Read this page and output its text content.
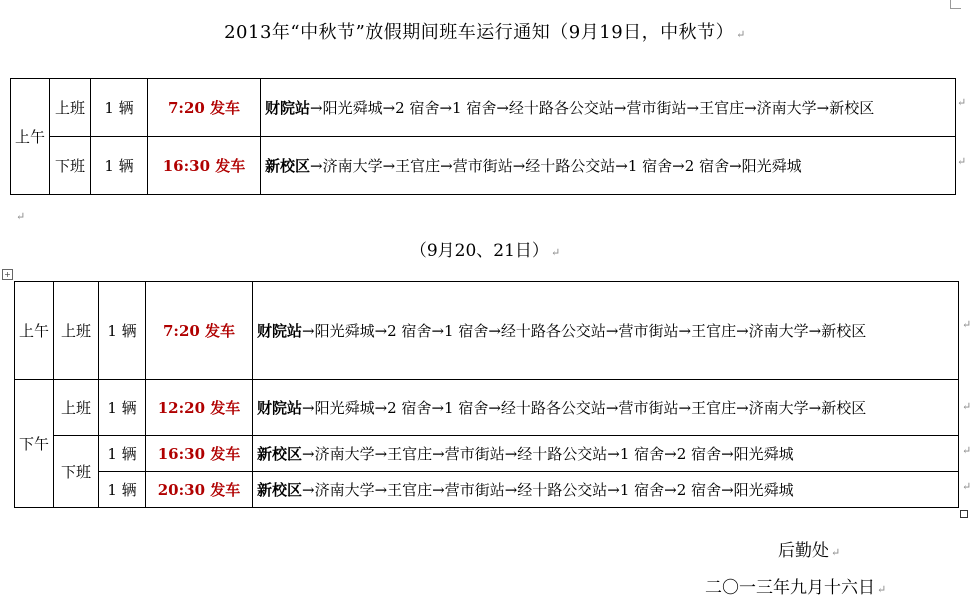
2013年“中秋节”放假期间班车运行通知（9月19日，中秋节） ↵
上午	上班	1 辆	7:20 发车	财院站→阳光舜城→2 宿舍→1 宿舍→经十路各公交站→营市街站→王官庄→济南大学→新校区
	下班	1 辆	16:30 发车	新校区→济南大学→王官庄→营市街站→经十路公交站→1 宿舍→2 宿舍→阳光舜城
↵
↵
↵
（9月20、21日） ↵
+
上午	上班	1 辆	7:20 发车	财院站→阳光舜城→2 宿舍→1 宿舍→经十路各公交站→营市街站→王官庄→济南大学→新校区
下午	上班	1 辆	12:20 发车	财院站→阳光舜城→2 宿舍→1 宿舍→经十路各公交站→营市街站→王官庄→济南大学→新校区
	下班	1 辆	16:30 发车	新校区→济南大学→王官庄→营市街站→经十路公交站→1 宿舍→2 宿舍→阳光舜城
		1 辆	20:30 发车	新校区→济南大学→王官庄→营市街站→经十路公交站→1 宿舍→2 宿舍→阳光舜城
↵
↵
↵
↵
后勤处 ↵
二〇一三年九月十六日 ↵
